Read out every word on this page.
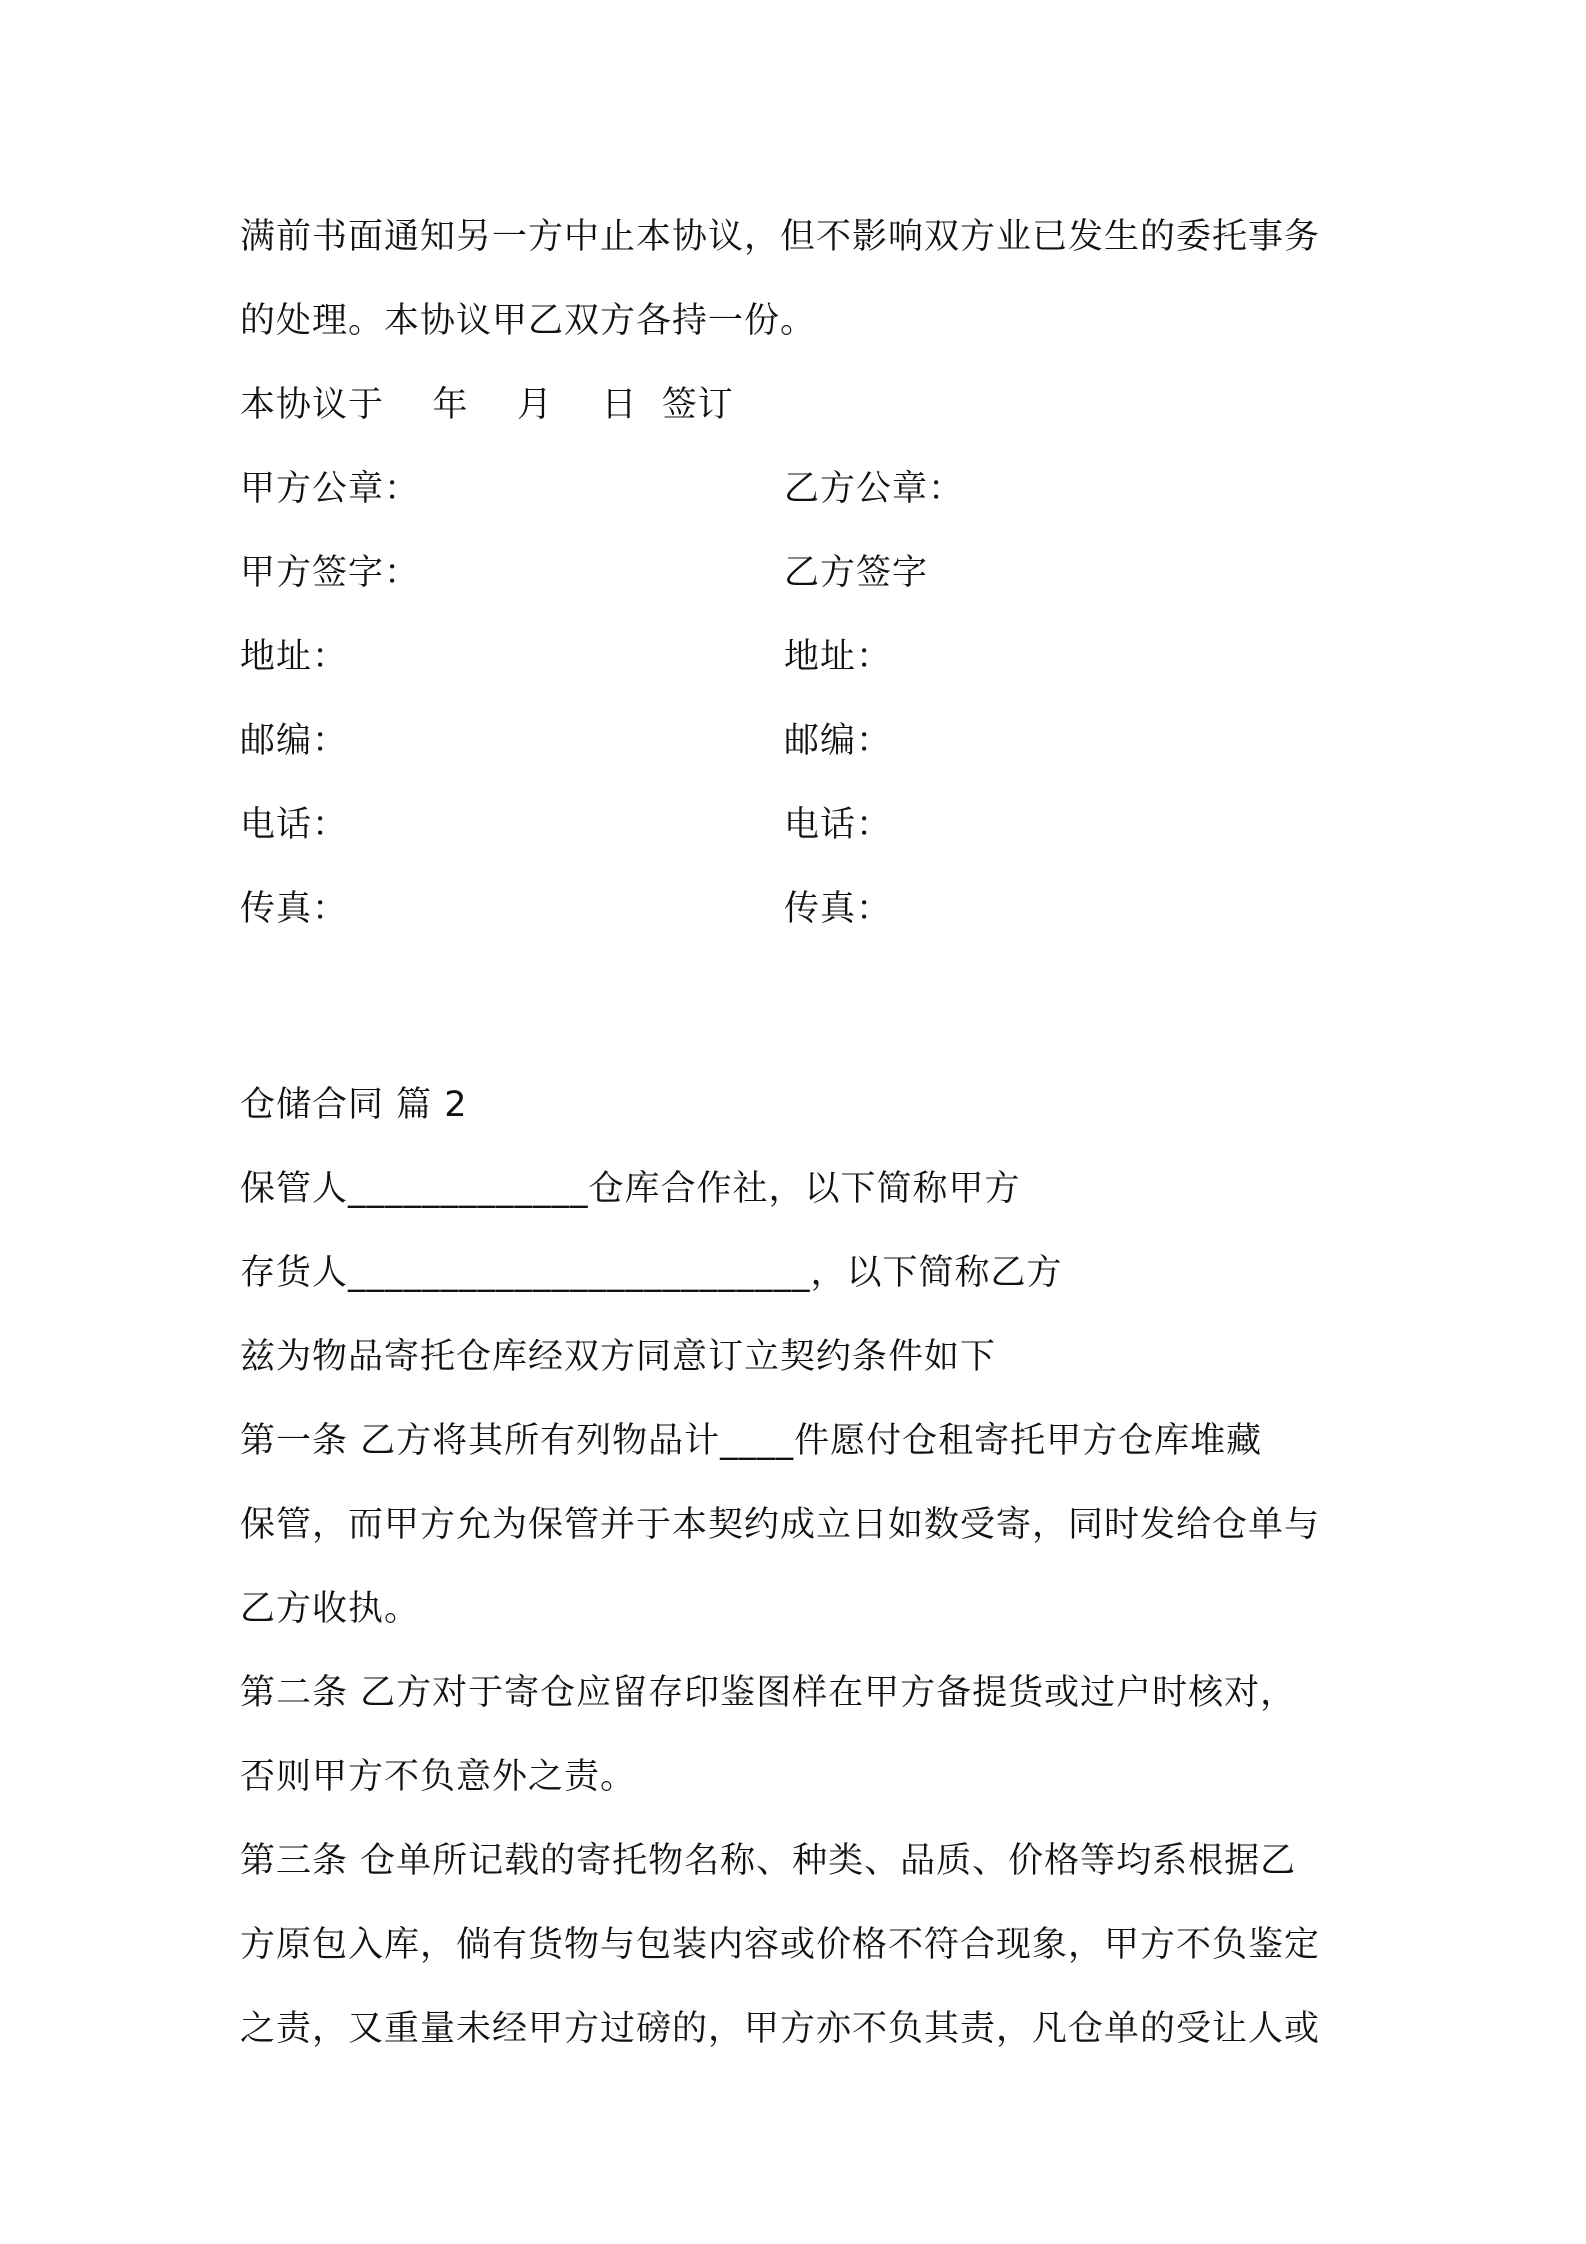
满前书面通知另一方中止本协议，但不影响双方业已发生的委托事务
的处理。本协议甲乙双方各持一份。
本协议于    年    月    日  签订
甲方公章：	乙方公章：
甲方签字：	乙方签字
地址：	地址：
邮编：	邮编：
电话：	电话：
传真：	传真：
仓储合同 篇 2
保管人_____________仓库合作社，以下简称甲方
存货人_________________________，以下简称乙方
兹为物品寄托仓库经双方同意订立契约条件如下
第一条 乙方将其所有列物品计____件愿付仓租寄托甲方仓库堆藏
保管，而甲方允为保管并于本契约成立日如数受寄，同时发给仓单与
乙方收执。
第二条 乙方对于寄仓应留存印鉴图样在甲方备提货或过户时核对，
否则甲方不负意外之责。
第三条 仓单所记载的寄托物名称、种类、品质、价格等均系根据乙
方原包入库，倘有货物与包装内容或价格不符合现象，甲方不负鉴定
之责，又重量未经甲方过磅的，甲方亦不负其责，凡仓单的受让人或
